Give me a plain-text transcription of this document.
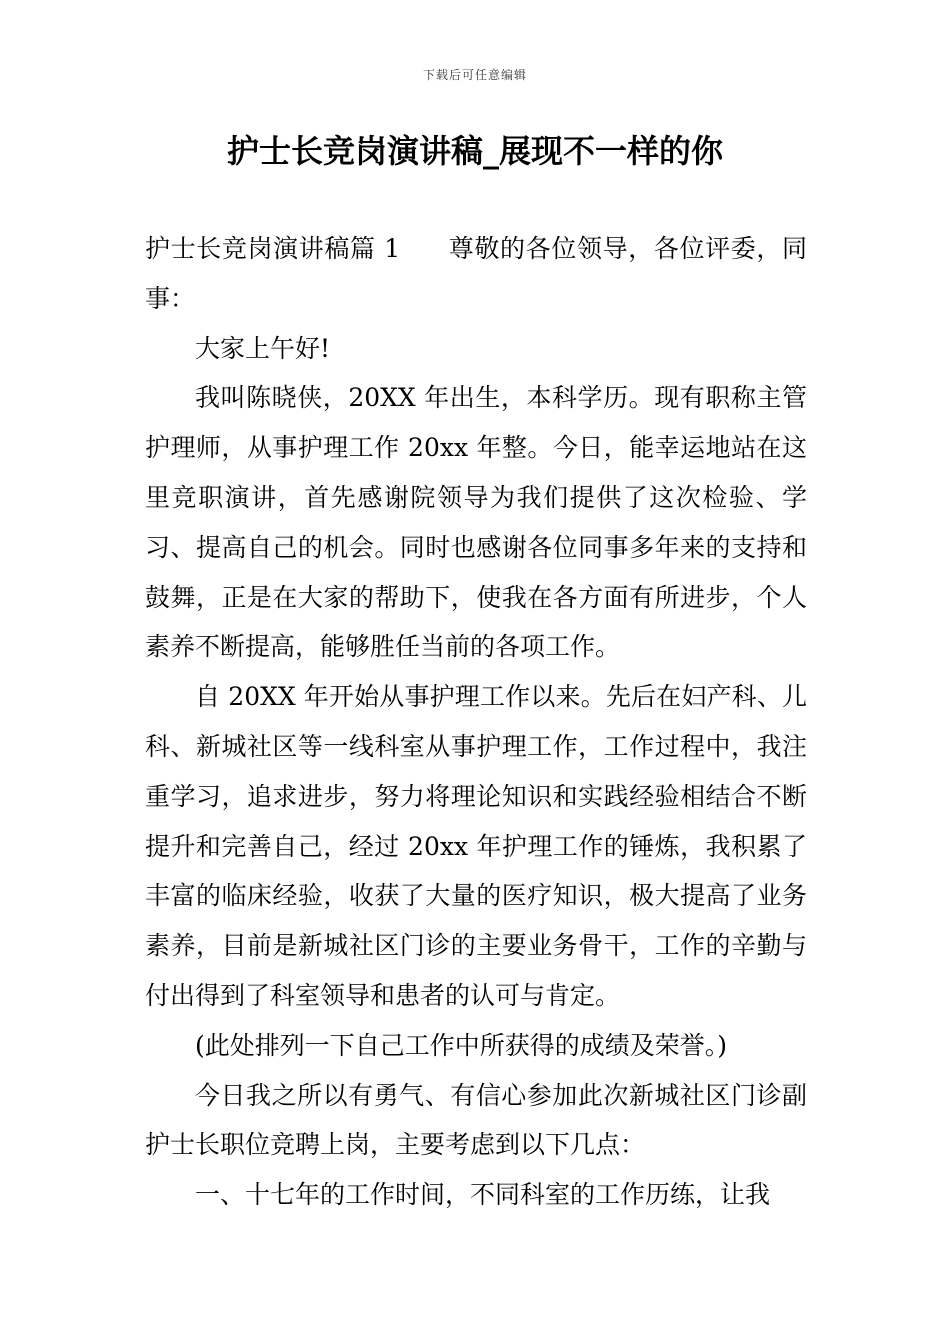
下载后可任意编辑
护士长竞岗演讲稿_展现不一样的你

护士长竞岗演讲稿篇 1 尊敬的各位领导，各位评委，同事：

大家上午好!

我叫陈晓侠，20XX 年出生，本科学历。现有职称主管护理师，从事护理工作 20xx 年整。今日，能幸运地站在这里竞职演讲，首先感谢院领导为我们提供了这次检验、学习、提高自己的机会。同时也感谢各位同事多年来的支持和鼓舞，正是在大家的帮助下，使我在各方面有所进步，个人素养不断提高，能够胜任当前的各项工作。

自 20XX 年开始从事护理工作以来。先后在妇产科、儿科、新城社区等一线科室从事护理工作，工作过程中，我注重学习，追求进步，努力将理论知识和实践经验相结合不断提升和完善自己，经过 20xx 年护理工作的锤炼，我积累了丰富的临床经验，收获了大量的医疗知识，极大提高了业务素养，目前是新城社区门诊的主要业务骨干，工作的辛勤与付出得到了科室领导和患者的认可与肯定。

(此处排列一下自己工作中所获得的成绩及荣誉。)

今日我之所以有勇气、有信心参加此次新城社区门诊副护士长职位竞聘上岗，主要考虑到以下几点：

一、十七年的工作时间，不同科室的工作历练，让我
